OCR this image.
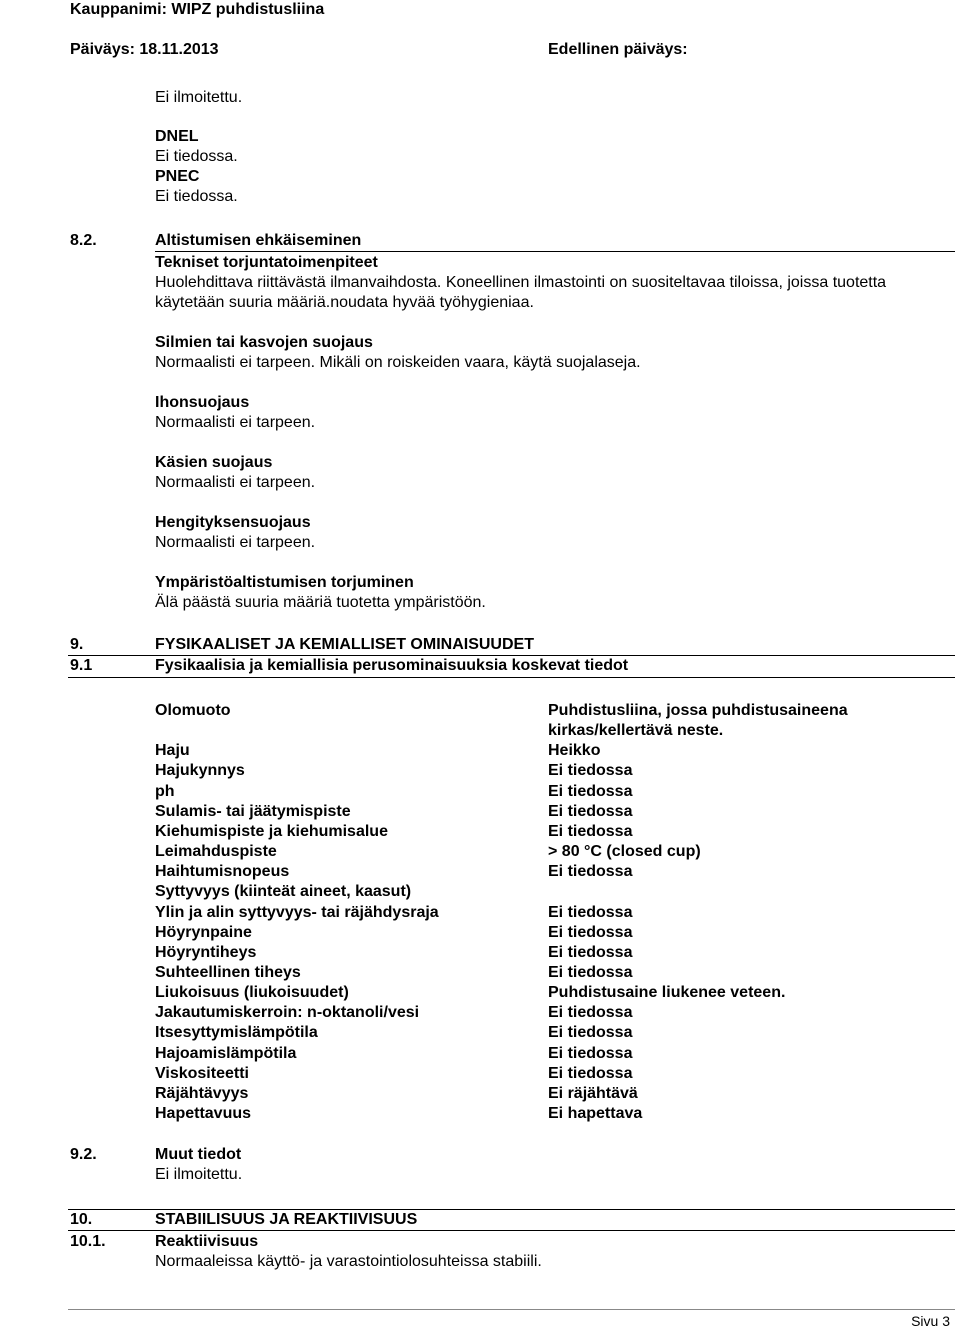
Kauppanimi: WIPZ puhdistusliina
Päiväys: 18.11.2013	Edellinen päiväys:
Ei ilmoitettu.
DNEL
Ei tiedossa.
PNEC
Ei tiedossa.
8.2.	Altistumisen ehkäiseminen
Tekniset torjuntatoimenpiteet
Huolehdittava riittävästä ilmanvaihdosta. Koneellinen ilmastointi on suositeltavaa tiloissa, joissa tuotetta
käytetään suuria määriä.noudata hyvää työhygieniaa.
Silmien tai kasvojen suojaus
Normaalisti ei tarpeen. Mikäli on roiskeiden vaara, käytä suojalaseja.
Ihonsuojaus
Normaalisti ei tarpeen.
Käsien suojaus
Normaalisti ei tarpeen.
Hengityksensuojaus
Normaalisti ei tarpeen.
Ympäristöaltistumisen torjuminen
Älä päästä suuria määriä tuotetta ympäristöön.
9.	FYSIKAALISET JA KEMIALLISET OMINAISUUDET
9.1	Fysikaalisia ja kemiallisia perusominaisuuksia koskevat tiedot
Olomuoto	Puhdistusliina, jossa puhdistusaineena
kirkas/kellertävä neste.
Haju	Heikko
Hajukynnys	Ei tiedossa
ph	Ei tiedossa
Sulamis- tai jäätymispiste	Ei tiedossa
Kiehumispiste ja kiehumisalue	Ei tiedossa
Leimahduspiste	> 80 °C (closed cup)
Haihtumisnopeus	Ei tiedossa
Syttyvyys (kiinteät aineet, kaasut)
Ylin ja alin syttyvyys- tai räjähdysraja	Ei tiedossa
Höyrynpaine	Ei tiedossa
Höyryntiheys	Ei tiedossa
Suhteellinen tiheys	Ei tiedossa
Liukoisuus (liukoisuudet)	Puhdistusaine liukenee veteen.
Jakautumiskerroin: n-oktanoli/vesi	Ei tiedossa
Itsesyttymislämpötila	Ei tiedossa
Hajoamislämpötila	Ei tiedossa
Viskositeetti	Ei tiedossa
Räjähtävyys	Ei räjähtävä
Hapettavuus	Ei hapettava
9.2.	Muut tiedot
Ei ilmoitettu.
10.	STABIILISUUS JA REAKTIIVISUUS
10.1.	Reaktiivisuus
Normaaleissa käyttö- ja varastointiolosuhteissa stabiili.
Sivu 3
